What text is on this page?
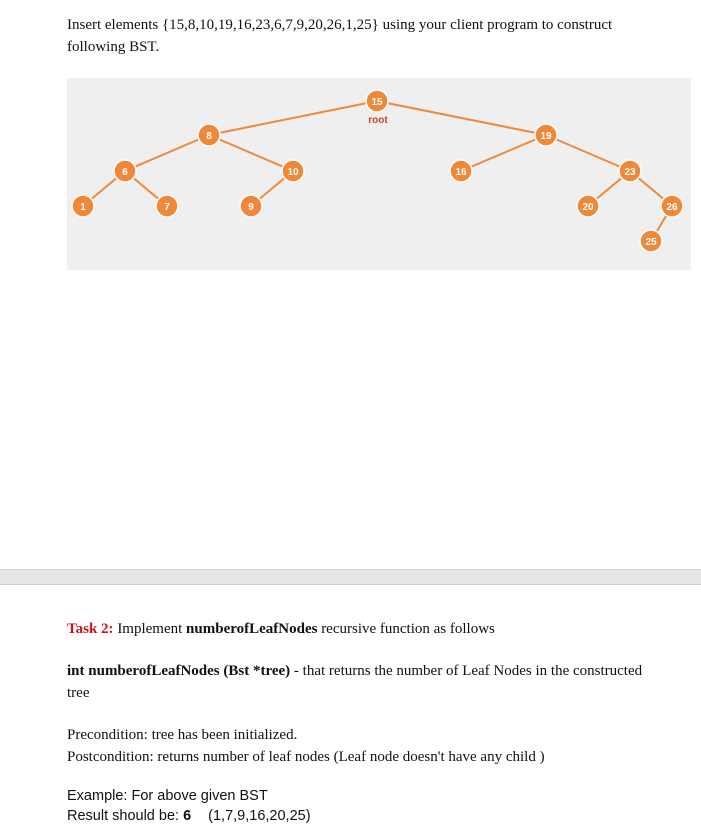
Insert elements {15,8,10,19,16,23,6,7,9,20,26,1,25} using your client program to construct following BST.
15
root
8	19
6	10	16	23
1	7	9	20	26
25
Task 2: Implement numberofLeafNodes recursive function as follows
int numberofLeafNodes (Bst *tree) - that returns the number of Leaf Nodes in the constructed tree
Precondition: tree has been initialized.
Postcondition: returns number of leaf nodes (Leaf node doesn't have any child )
Example: For above given BST
Result should be: 6 (1,7,9,16,20,25)
